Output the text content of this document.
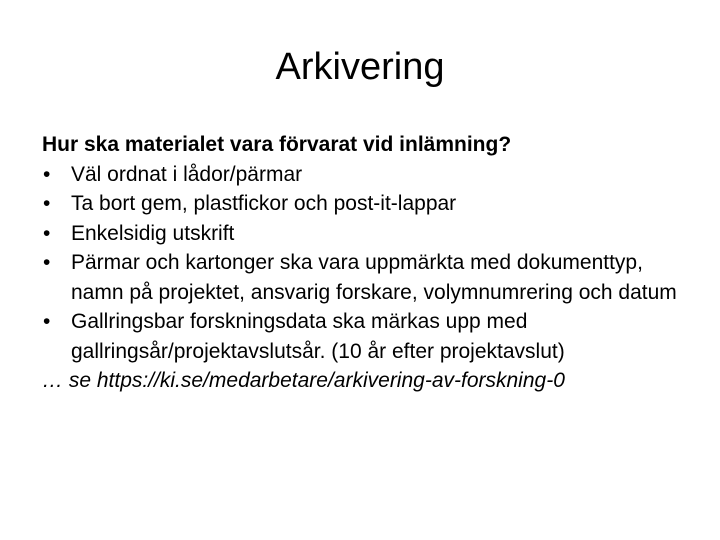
Arkivering
Hur ska materialet vara förvarat vid inlämning?
• Väl ordnat i lådor/pärmar
• Ta bort gem, plastfickor och post-it-lappar
• Enkelsidig utskrift
• Pärmar och kartonger ska vara uppmärkta med dokumenttyp, namn på projektet, ansvarig forskare, volymnumrering och datum
• Gallringsbar forskningsdata ska märkas upp med gallringsår/projektavslutsår. (10 år efter projektavslut)
… se https://ki.se/medarbetare/arkivering-av-forskning-0
